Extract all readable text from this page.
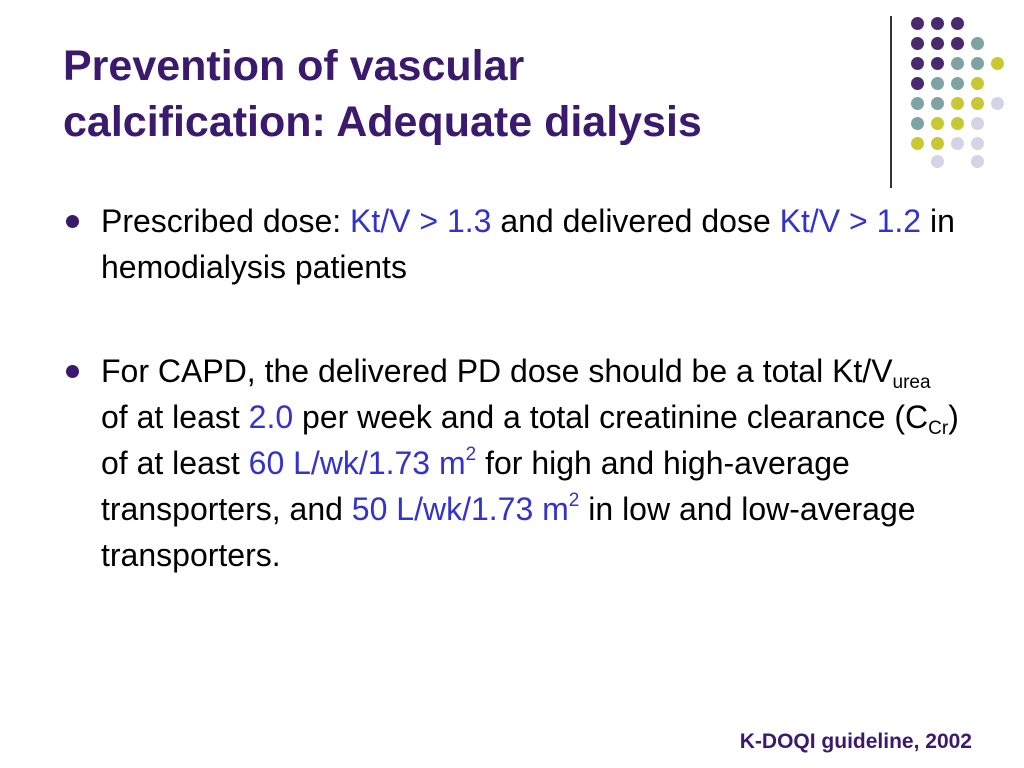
Prevention of vascular
calcification: Adequate dialysis
Prescribed dose: Kt/V > 1.3 and delivered dose Kt/V > 1.2 in hemodialysis patients
For CAPD, the delivered PD dose should be a total $Kt/V_{urea}$ of at least 2.0 per week and a total creatinine clearance $(C_{Cr})$ of at least 60 L/wk/1.73 $m^2$ for high and high-average transporters, and 50 L/wk/1.73 $m^2$ in low and low-average transporters.
K-DOQI guideline, 2002
